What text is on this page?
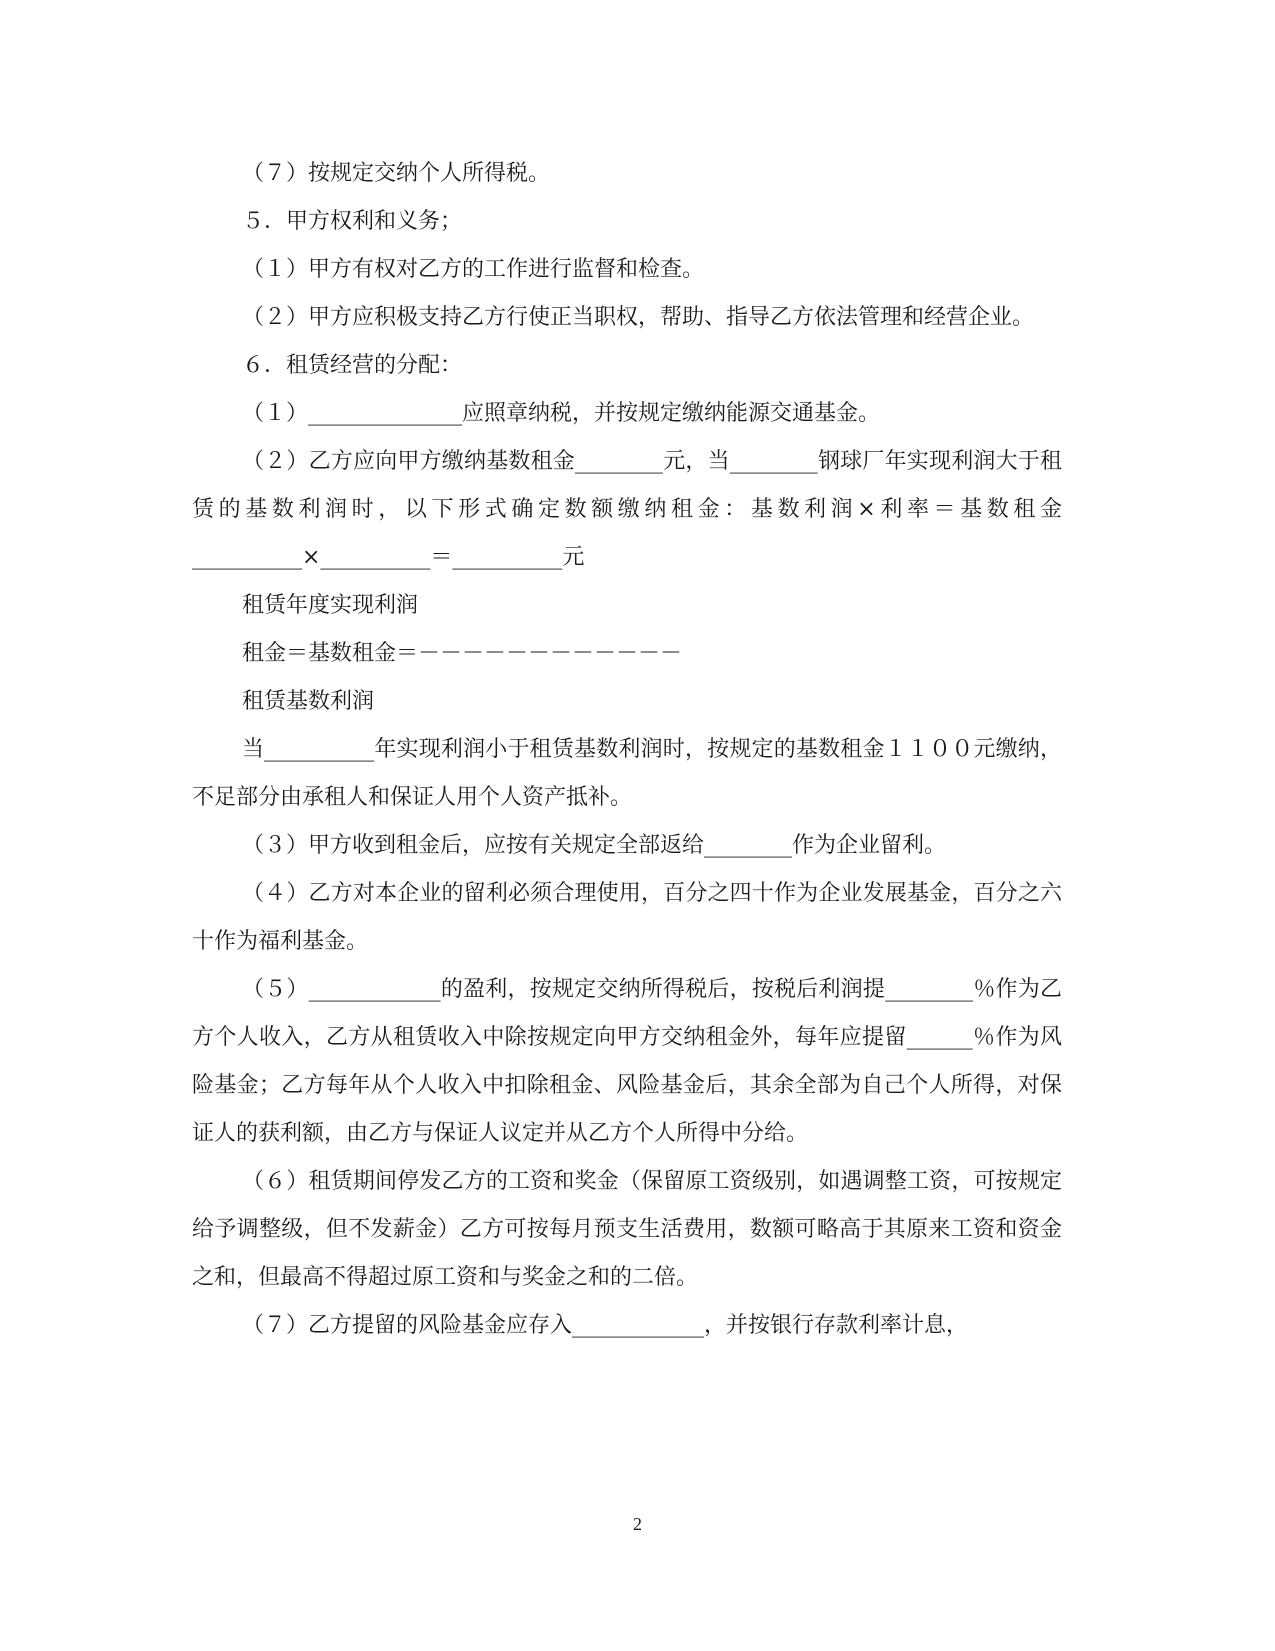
（７）按规定交纳个人所得税。

５．甲方权利和义务；

（１）甲方有权对乙方的工作进行监督和检查。

（２）甲方应积极支持乙方行使正当职权，帮助、指导乙方依法管理和经营企业。

６．租赁经营的分配：

（１）______________应照章纳税，并按规定缴纳能源交通基金。

（２）乙方应向甲方缴纳基数租金________元，当________钢球厂年实现利润大于租赁的基数利润时，以下形式确定数额缴纳租金：基数利润×利率＝基数租金__________×__________＝__________元

租赁年度实现利润

租金＝基数租金＝－－－－－－－－－－－－

租赁基数利润

当__________年实现利润小于租赁基数利润时，按规定的基数租金１１００元缴纳，不足部分由承租人和保证人用个人资产抵补。

（３）甲方收到租金后，应按有关规定全部返给________作为企业留利。

（４）乙方对本企业的留利必须合理使用，百分之四十作为企业发展基金，百分之六十作为福利基金。

（５）____________的盈利，按规定交纳所得税后，按税后利润提________％作为乙方个人收入，乙方从租赁收入中除按规定向甲方交纳租金外，每年应提留______％作为风险基金；乙方每年从个人收入中扣除租金、风险基金后，其余全部为自己个人所得，对保证人的获利额，由乙方与保证人议定并从乙方个人所得中分给。

（６）租赁期间停发乙方的工资和奖金（保留原工资级别，如遇调整工资，可按规定给予调整级，但不发薪金）乙方可按每月预支生活费用，数额可略高于其原来工资和资金之和，但最高不得超过原工资和与奖金之和的二倍。

（７）乙方提留的风险基金应存入____________，并按银行存款利率计息，

2
